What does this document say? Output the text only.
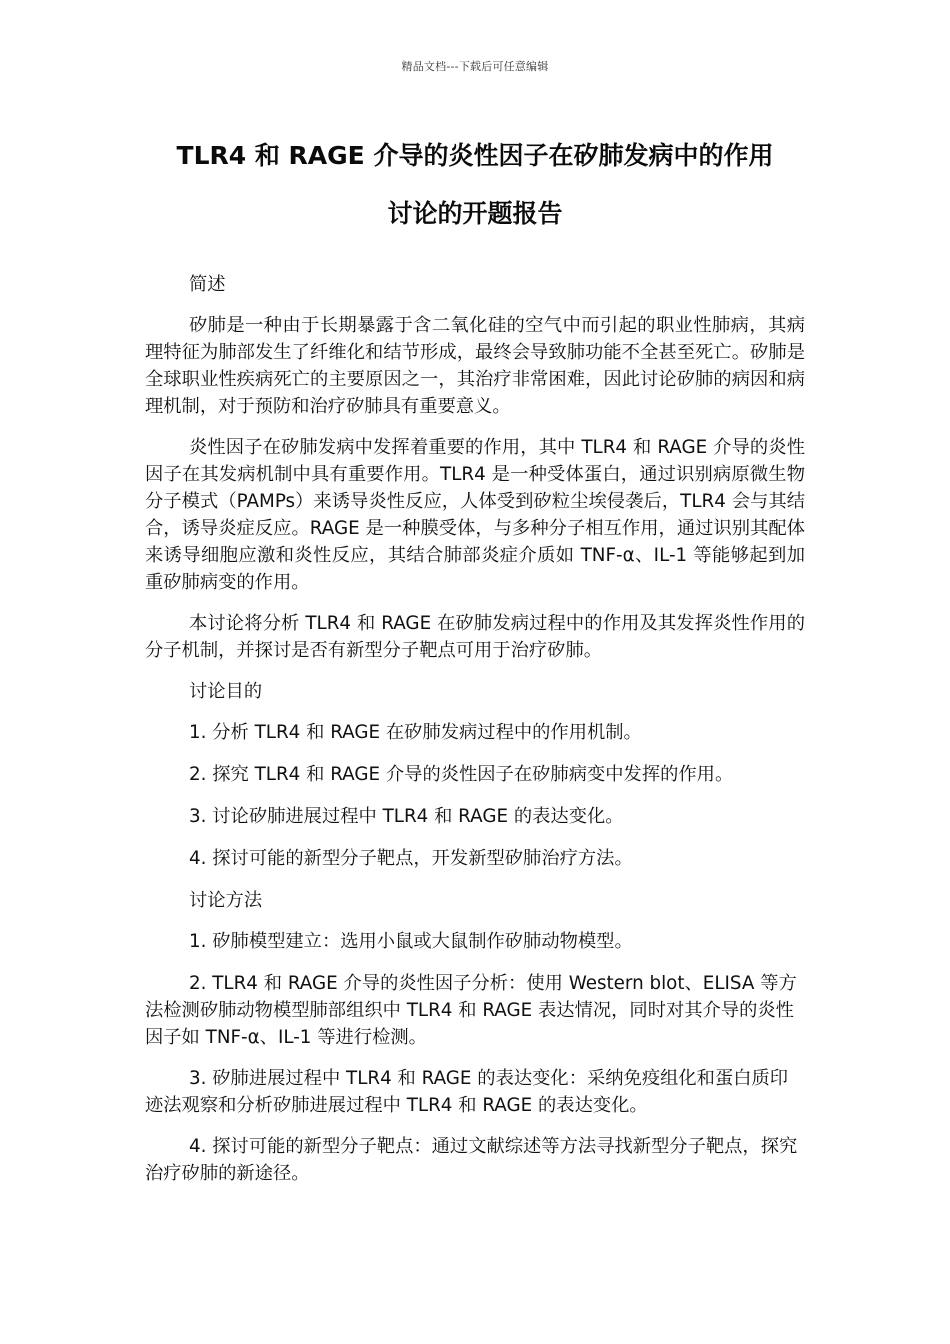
精品文档---下载后可任意编辑
TLR4 和 RAGE 介导的炎性因子在矽肺发病中的作用
讨论的开题报告
简述

矽肺是一种由于长期暴露于含二氧化硅的空气中而引起的职业性肺病，其病理特征为肺部发生了纤维化和结节形成，最终会导致肺功能不全甚至死亡。矽肺是全球职业性疾病死亡的主要原因之一，其治疗非常困难，因此讨论矽肺的病因和病理机制，对于预防和治疗矽肺具有重要意义。

炎性因子在矽肺发病中发挥着重要的作用，其中 TLR4 和 RAGE 介导的炎性因子在其发病机制中具有重要作用。TLR4 是一种受体蛋白，通过识别病原微生物分子模式（PAMPs）来诱导炎性反应，人体受到矽粒尘埃侵袭后，TLR4 会与其结合，诱导炎症反应。RAGE 是一种膜受体，与多种分子相互作用，通过识别其配体来诱导细胞应激和炎性反应，其结合肺部炎症介质如 TNF-α、IL-1 等能够起到加重矽肺病变的作用。

本讨论将分析 TLR4 和 RAGE 在矽肺发病过程中的作用及其发挥炎性作用的分子机制，并探讨是否有新型分子靶点可用于治疗矽肺。

讨论目的
1. 分析 TLR4 和 RAGE 在矽肺发病过程中的作用机制。
2. 探究 TLR4 和 RAGE 介导的炎性因子在矽肺病变中发挥的作用。
3. 讨论矽肺进展过程中 TLR4 和 RAGE 的表达变化。
4. 探讨可能的新型分子靶点，开发新型矽肺治疗方法。
讨论方法
1. 矽肺模型建立：选用小鼠或大鼠制作矽肺动物模型。
2. TLR4 和 RAGE 介导的炎性因子分析：使用 Western blot、ELISA 等方法检测矽肺动物模型肺部组织中 TLR4 和 RAGE 表达情况，同时对其介导的炎性因子如 TNF-α、IL-1 等进行检测。
3. 矽肺进展过程中 TLR4 和 RAGE 的表达变化：采纳免疫组化和蛋白质印迹法观察和分析矽肺进展过程中 TLR4 和 RAGE 的表达变化。
4. 探讨可能的新型分子靶点：通过文献综述等方法寻找新型分子靶点，探究治疗矽肺的新途径。
